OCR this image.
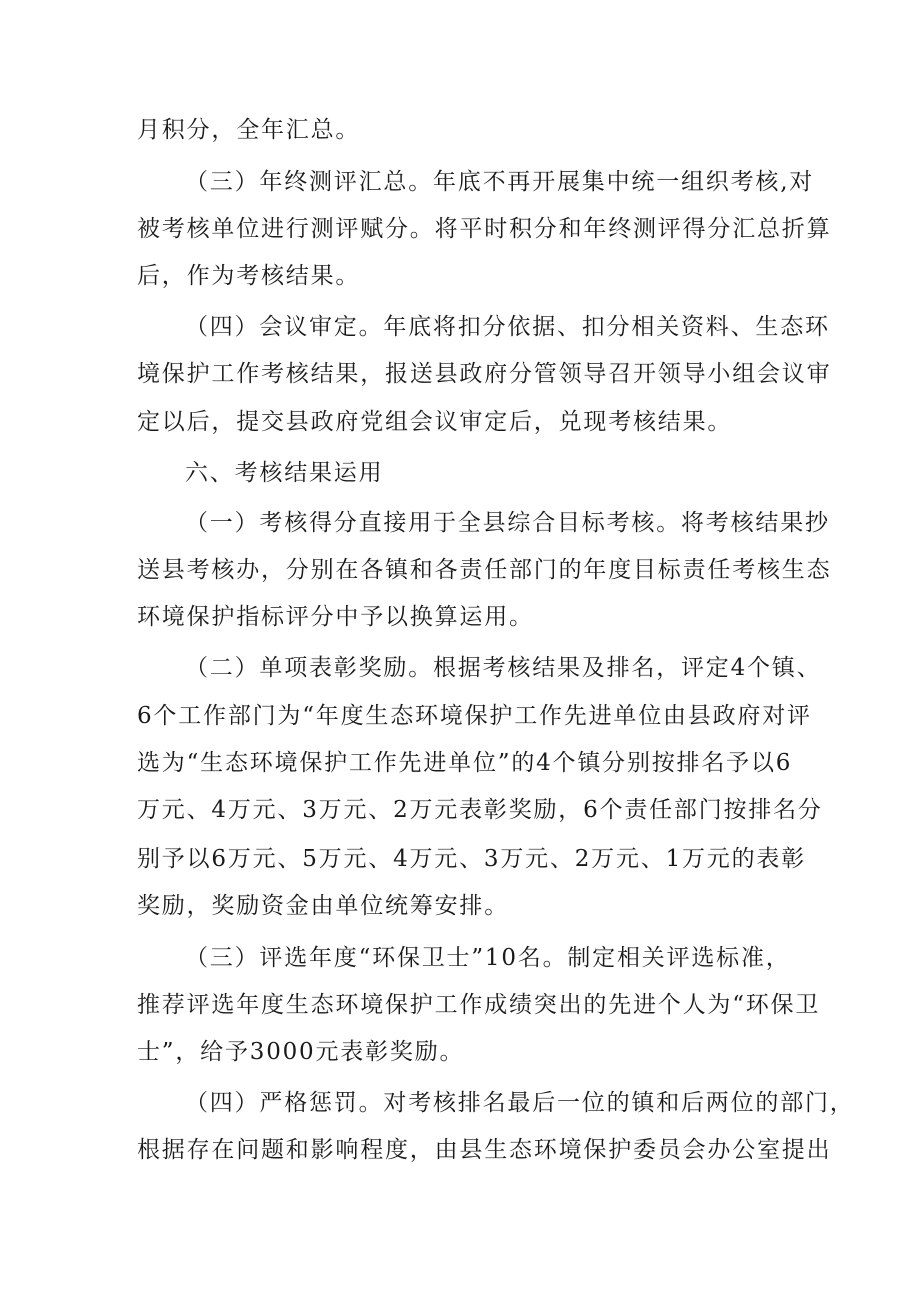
月积分，全年汇总。
（三）年终测评汇总。年底不再开展集中统一组织考核,对
被考核单位进行测评赋分。将平时积分和年终测评得分汇总折算
后，作为考核结果。
（四）会议审定。年底将扣分依据、扣分相关资料、生态环
境保护工作考核结果，报送县政府分管领导召开领导小组会议审
定以后，提交县政府党组会议审定后，兑现考核结果。
六、考核结果运用
（一）考核得分直接用于全县综合目标考核。将考核结果抄
送县考核办，分别在各镇和各责任部门的年度目标责任考核生态
环境保护指标评分中予以换算运用。
（二）单项表彰奖励。根据考核结果及排名，评定4个镇、
6个工作部门为“年度生态环境保护工作先进单位由县政府对评
选为“生态环境保护工作先进单位”的4个镇分别按排名予以6
万元、4万元、3万元、2万元表彰奖励，6个责任部门按排名分
别予以6万元、5万元、4万元、3万元、2万元、1万元的表彰
奖励，奖励资金由单位统筹安排。
（三）评选年度“环保卫士”10名。制定相关评选标准，
推荐评选年度生态环境保护工作成绩突出的先进个人为“环保卫
士”，给予3000元表彰奖励。
（四）严格惩罚。对考核排名最后一位的镇和后两位的部门，
根据存在问题和影响程度，由县生态环境保护委员会办公室提出
